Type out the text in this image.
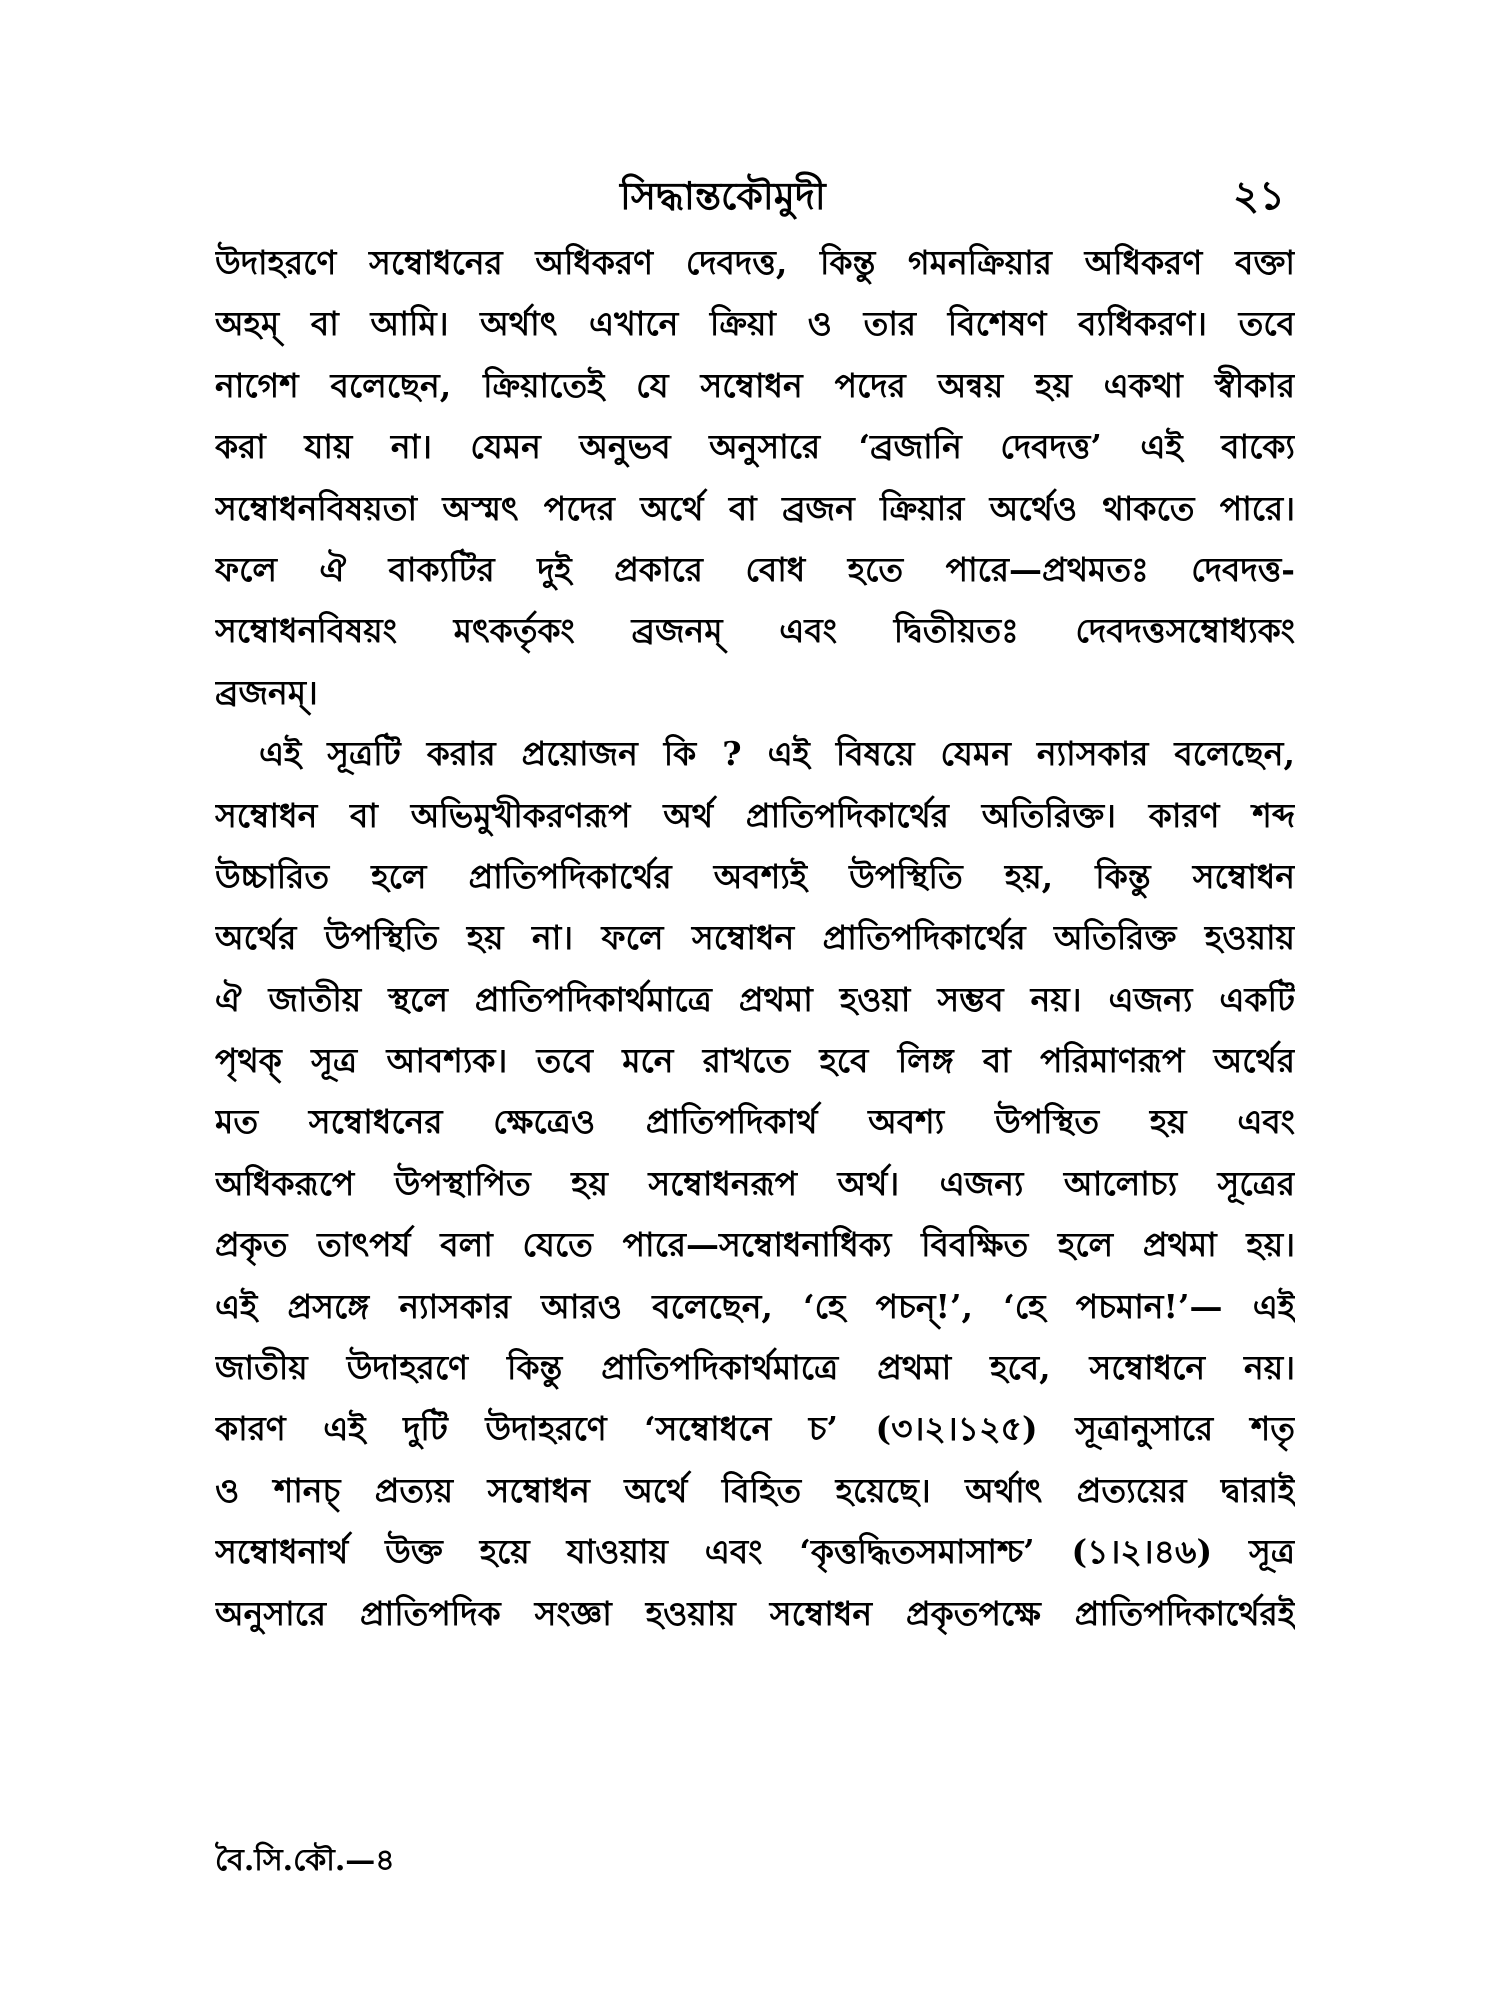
সিদ্ধান্তকৌমুদী	২১
উদাহরণে সম্বোধনের অধিকরণ দেবদত্ত, কিন্তু গমনক্রিয়ার অধিকরণ বক্তা
অহম্ বা আমি। অর্থাৎ এখানে ক্রিয়া ও তার বিশেষণ ব্যধিকরণ। তবে
নাগেশ বলেছেন, ক্রিয়াতেই যে সম্বোধন পদের অন্বয় হয় একথা স্বীকার
করা যায় না। যেমন অনুভব অনুসারে ‘ব্রজানি দেবদত্ত’ এই বাক্যে
সম্বোধনবিষয়তা অস্মৎ পদের অর্থে বা ব্রজন ক্রিয়ার অর্থেও থাকতে পারে।
ফলে ঐ বাক্যটির দুই প্রকারে বোধ হতে পারে—প্রথমতঃ দেবদত্ত-
সম্বোধনবিষয়ং মৎকর্তৃকং ব্রজনম্ এবং দ্বিতীয়তঃ দেবদত্তসম্বোধ্যকং
ব্রজনম্।
এই সূত্রটি করার প্রয়োজন কি ? এই বিষয়ে যেমন ন্যাসকার বলেছেন,
সম্বোধন বা অভিমুখীকরণরূপ অর্থ প্রাতিপদিকার্থের অতিরিক্ত। কারণ শব্দ
উচ্চারিত হলে প্রাতিপদিকার্থের অবশ্যই উপস্থিতি হয়, কিন্তু সম্বোধন
অর্থের উপস্থিতি হয় না। ফলে সম্বোধন প্রাতিপদিকার্থের অতিরিক্ত হওয়ায়
ঐ জাতীয় স্থলে প্রাতিপদিকার্থমাত্রে প্রথমা হওয়া সম্ভব নয়। এজন্য একটি
পৃথক্ সূত্র আবশ্যক। তবে মনে রাখতে হবে লিঙ্গ বা পরিমাণরূপ অর্থের
মত সম্বোধনের ক্ষেত্রেও প্রাতিপদিকার্থ অবশ্য উপস্থিত হয় এবং
অধিকরূপে উপস্থাপিত হয় সম্বোধনরূপ অর্থ। এজন্য আলোচ্য সূত্রের
প্রকৃত তাৎপর্য বলা যেতে পারে—সম্বোধনাধিক্য বিবক্ষিত হলে প্রথমা হয়।
এই প্রসঙ্গে ন্যাসকার আরও বলেছেন, ‘হে পচন্!’, ‘হে পচমান!’— এই
জাতীয় উদাহরণে কিন্তু প্রাতিপদিকার্থমাত্রে প্রথমা হবে, সম্বোধনে নয়।
কারণ এই দুটি উদাহরণে ‘সম্বোধনে চ’ (৩।২।১২৫) সূত্রানুসারে শতৃ
ও শানচ্ প্রত্যয় সম্বোধন অর্থে বিহিত হয়েছে। অর্থাৎ প্রত্যয়ের দ্বারাই
সম্বোধনার্থ উক্ত হয়ে যাওয়ায় এবং ‘কৃত্তদ্ধিতসমাসাশ্চ’ (১।২।৪৬) সূত্র
অনুসারে প্রাতিপদিক সংজ্ঞা হওয়ায় সম্বোধন প্রকৃতপক্ষে প্রাতিপদিকার্থেরই
বৈ.সি.কৌ.—৪
